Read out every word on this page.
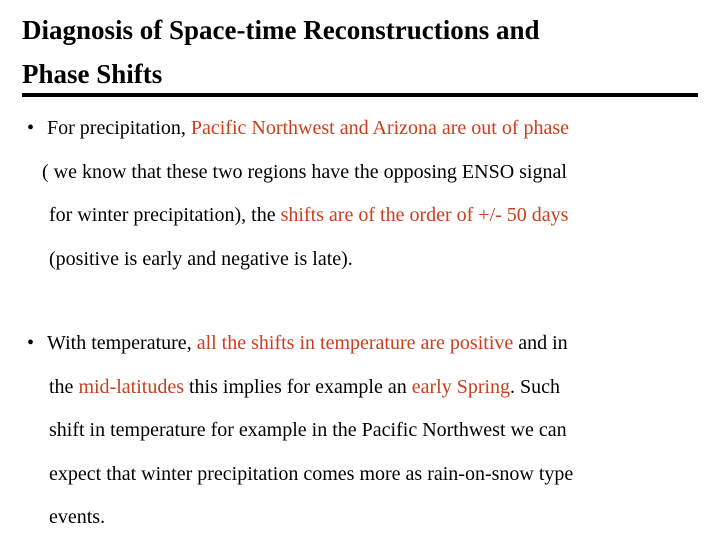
Diagnosis of Space-time Reconstructions and
Phase Shifts
• For precipitation, Pacific Northwest and Arizona are out of phase
( we know that these two regions have the opposing ENSO signal
for winter precipitation), the shifts are of the order of +/- 50 days
(positive is early and negative is late).
• With temperature, all the shifts in temperature are positive and in
the mid-latitudes this implies for example an early Spring. Such
shift in temperature for example in the Pacific Northwest we can
expect that winter precipitation comes more as rain-on-snow type
events.
